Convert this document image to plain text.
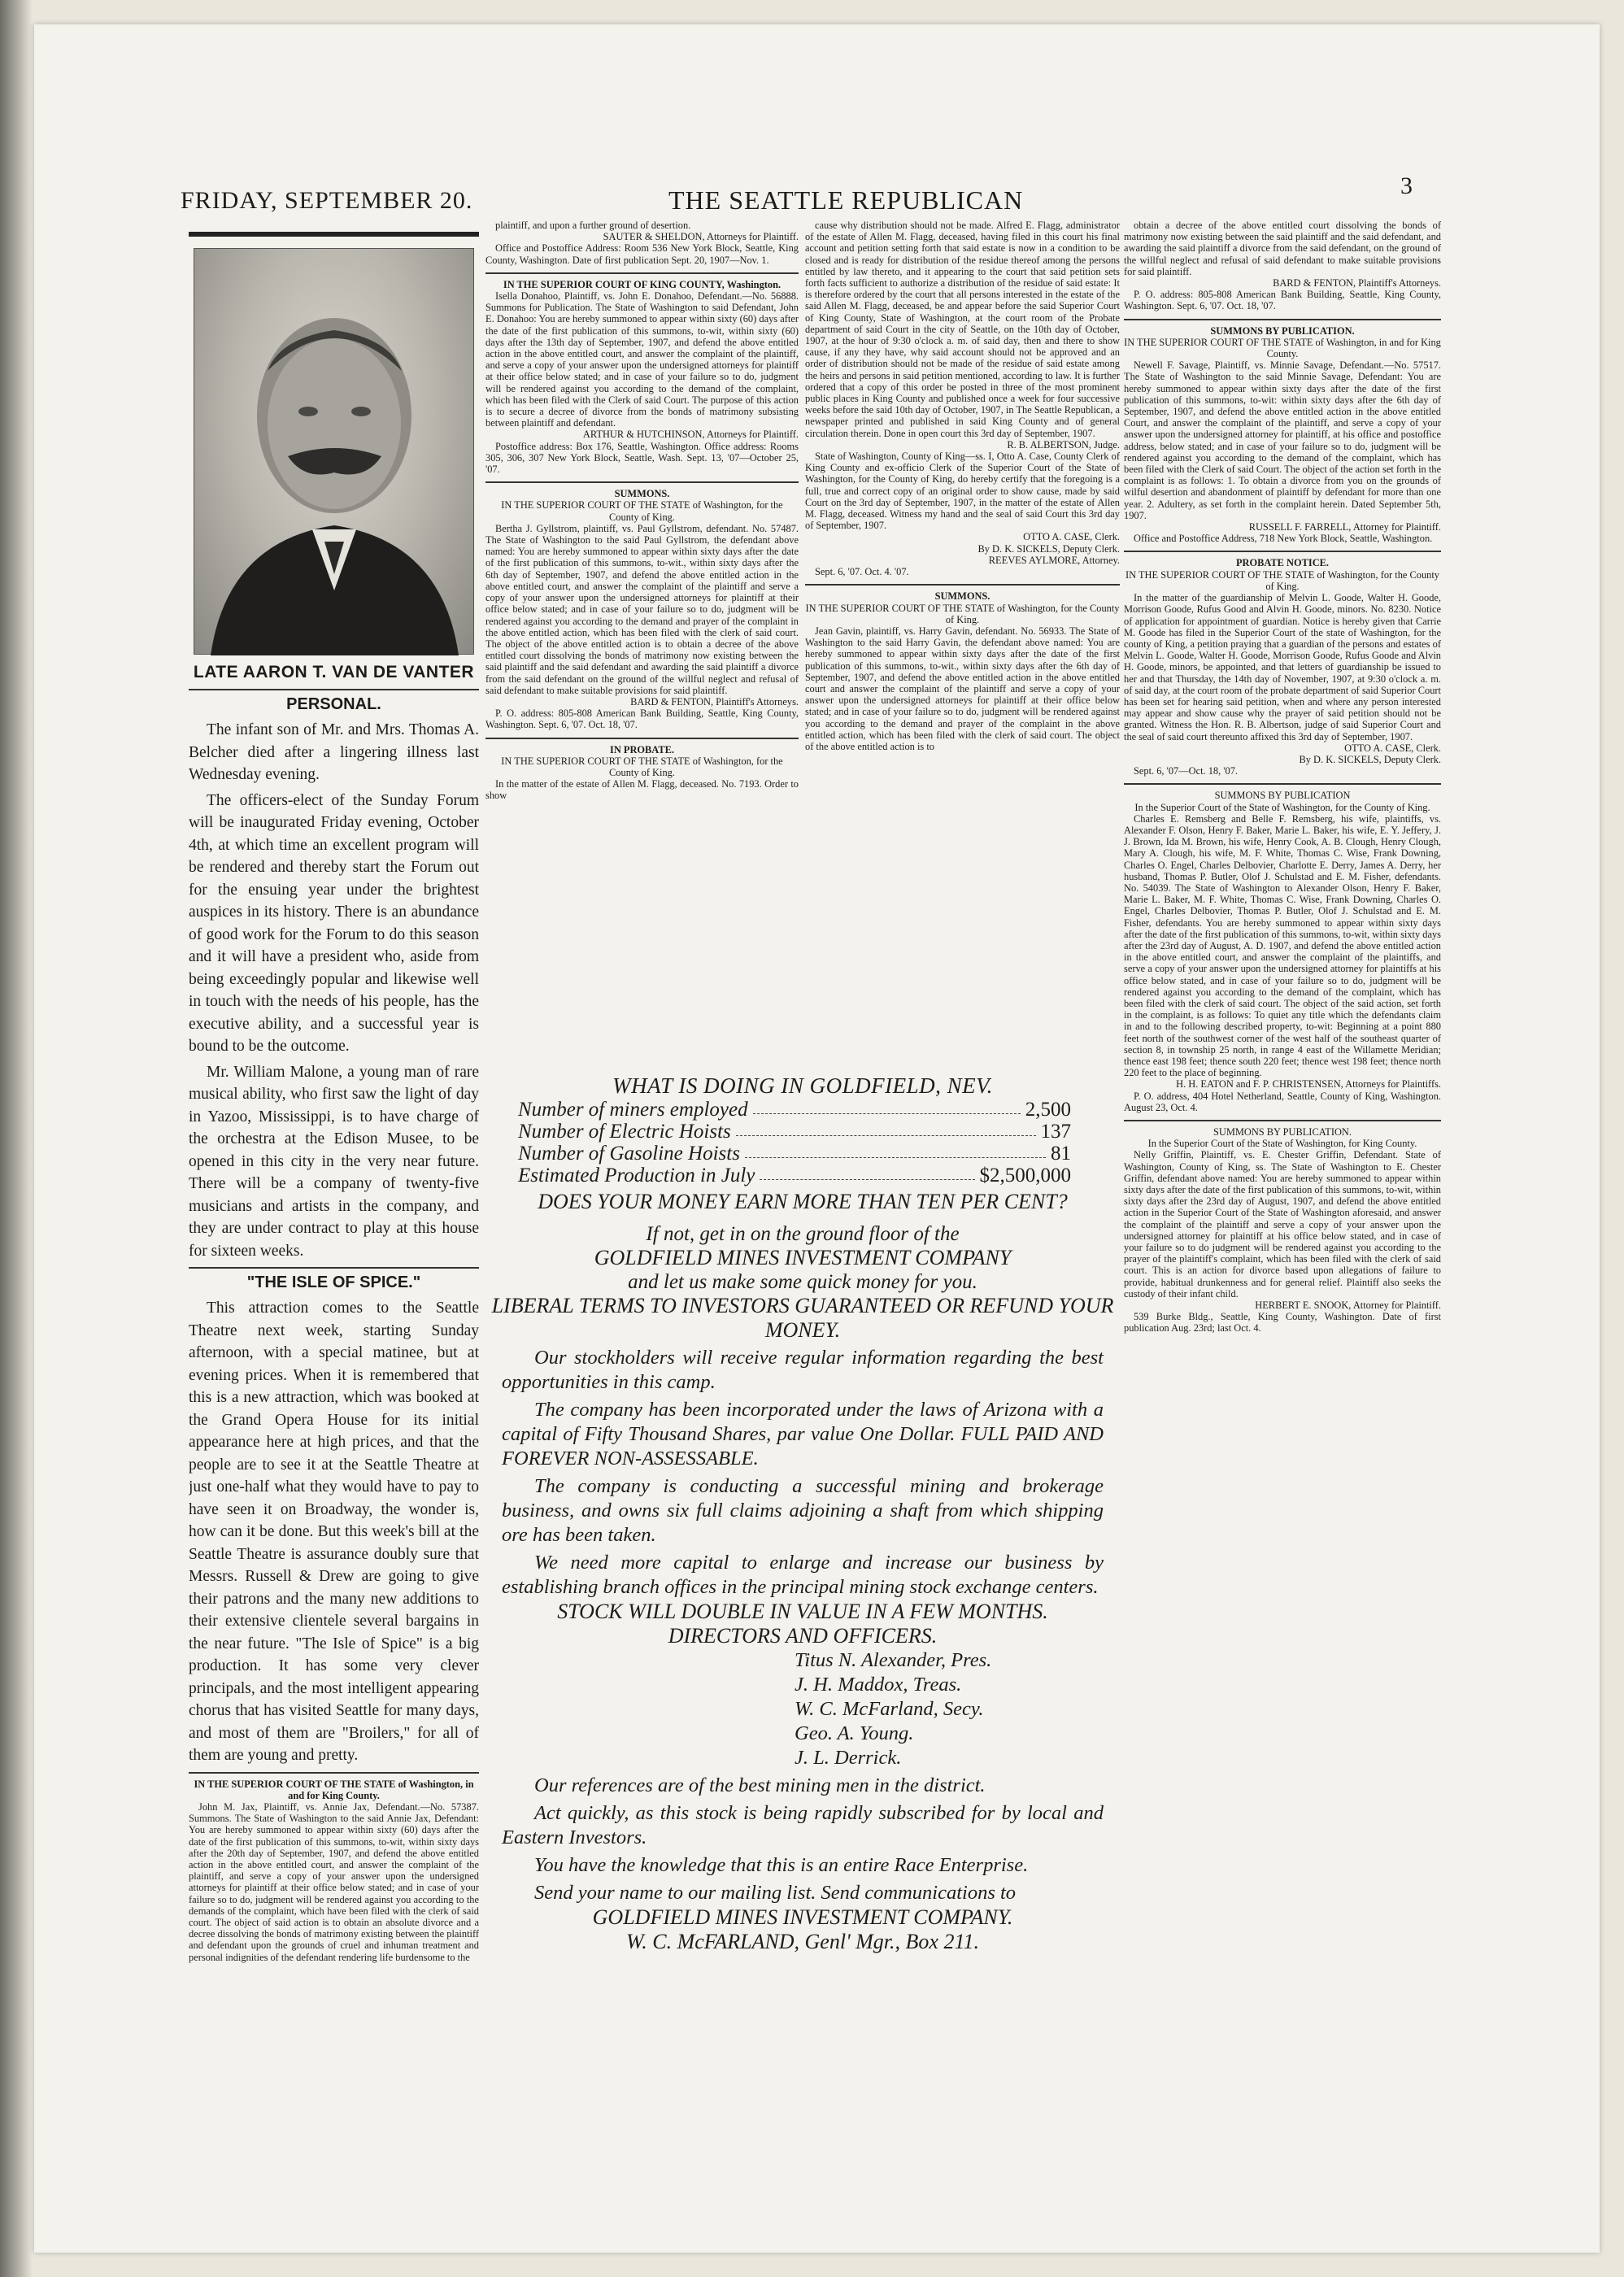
FRIDAY, SEPTEMBER 20.	THE SEATTLE REPUBLICAN	3
LATE AARON T. VAN DE VANTER
PERSONAL.

The infant son of Mr. and Mrs. Thomas A. Belcher died after a lingering illness last Wednesday evening.

The officers-elect of the Sunday Forum will be inaugurated Friday evening, October 4th, at which time an excellent program will be rendered and thereby start the Forum out for the ensuing year under the brightest auspices in its history. There is an abundance of good work for the Forum to do this season and it will have a president who, aside from being exceedingly popular and likewise well in touch with the needs of his people, has the executive ability, and a successful year is bound to be the outcome.

Mr. William Malone, a young man of rare musical ability, who first saw the light of day in Yazoo, Mississippi, is to have charge of the orchestra at the Edison Musee, to be opened in this city in the very near future. There will be a company of twenty-five musicians and artists in the company, and they are under contract to play at this house for sixteen weeks.

"THE ISLE OF SPICE."

This attraction comes to the Seattle Theatre next week, starting Sunday afternoon, with a special matinee, but at evening prices. When it is remembered that this is a new attraction, which was booked at the Grand Opera House for its initial appearance here at high prices, and that the people are to see it at the Seattle Theatre at just one-half what they would have to pay to have seen it on Broadway, the wonder is, how can it be done. But this week's bill at the Seattle Theatre is assurance doubly sure that Messrs. Russell & Drew are going to give their patrons and the many new additions to their extensive clientele several bargains in the near future. "The Isle of Spice" is a big production. It has some very clever principals, and the most intelligent appearing chorus that has visited Seattle for many days, and most of them are "Broilers," for all of them are young and pretty.

IN THE SUPERIOR COURT OF THE STATE of Washington, in and for King County.

John M. Jax, Plaintiff, vs. Annie Jax, Defendant.—No. 57387. Summons. The State of Washington to the said Annie Jax, Defendant: You are hereby summoned to appear within sixty (60) days after the date of the first publication of this summons, to-wit, within sixty days after the 20th day of September, 1907, and defend the above entitled action in the above entitled court, and answer the complaint of the plaintiff, and serve a copy of your answer upon the undersigned attorneys for plaintiff at their office below stated; and in case of your failure so to do, judgment will be rendered against you according to the demands of the complaint, which have been filed with the clerk of said court. The object of said action is to obtain an absolute divorce and a decree dissolving the bonds of matrimony existing between the plaintiff and defendant upon the grounds of cruel and inhuman treatment and personal indignities of the defendant rendering life burdensome to the

plaintiff, and upon a further ground of desertion.

SAUTER & SHELDON, Attorneys for Plaintiff.

Office and Postoffice Address: Room 536 New York Block, Seattle, King County, Washington. Date of first publication Sept. 20, 1907—Nov. 1.

IN THE SUPERIOR COURT OF KING COUNTY, Washington.

Isella Donahoo, Plaintiff, vs. John E. Donahoo, Defendant.—No. 56888. Summons for Publication. The State of Washington to said Defendant, John E. Donahoo: You are hereby summoned to appear within sixty (60) days after the date of the first publication of this summons, to-wit, within sixty (60) days after the 13th day of September, 1907, and defend the above entitled action in the above entitled court, and answer the complaint of the plaintiff, and serve a copy of your answer upon the undersigned attorneys for plaintiff at their office below stated; and in case of your failure so to do, judgment will be rendered against you according to the demand of the complaint, which has been filed with the Clerk of said Court. The purpose of this action is to secure a decree of divorce from the bonds of matrimony subsisting between plaintiff and defendant.

ARTHUR & HUTCHINSON, Attorneys for Plaintiff.

Postoffice address: Box 176, Seattle, Washington. Office address: Rooms 305, 306, 307 New York Block, Seattle, Wash. Sept. 13, '07—October 25, '07.

SUMMONS.
IN THE SUPERIOR COURT OF THE STATE of Washington, for the County of King.

Bertha J. Gyllstrom, plaintiff, vs. Paul Gyllstrom, defendant. No. 57487. The State of Washington to the said Paul Gyllstrom, the defendant above named: You are hereby summoned to appear within sixty days after the date of the first publication of this summons, to-wit., within sixty days after the 6th day of September, 1907, and defend the above entitled action in the above entitled court, and answer the complaint of the plaintiff and serve a copy of your answer upon the undersigned attorneys for plaintiff at their office below stated; and in case of your failure so to do, judgment will be rendered against you according to the demand and prayer of the complaint in the above entitled action, which has been filed with the clerk of said court. The object of the above entitled action is to obtain a decree of the above entitled court dissolving the bonds of matrimony now existing between the said plaintiff and the said defendant and awarding the said plaintiff a divorce from the said defendant on the ground of the willful neglect and refusal of said defendant to make suitable provisions for said plaintiff.

BARD & FENTON, Plaintiff's Attorneys.

P. O. address: 805-808 American Bank Building, Seattle, King County, Washington. Sept. 6, '07. Oct. 18, '07.

IN PROBATE.
IN THE SUPERIOR COURT OF THE STATE of Washington, for the County of King.

In the matter of the estate of Allen M. Flagg, deceased. No. 7193. Order to show

cause why distribution should not be made. Alfred E. Flagg, administrator of the estate of Allen M. Flagg, deceased, having filed in this court his final account and petition setting forth that said estate is now in a condition to be closed and is ready for distribution of the residue thereof among the persons entitled by law thereto, and it appearing to the court that said petition sets forth facts sufficient to authorize a distribution of the residue of said estate: It is therefore ordered by the court that all persons interested in the estate of the said Allen M. Flagg, deceased, be and appear before the said Superior Court of King County, State of Washington, at the court room of the Probate department of said Court in the city of Seattle, on the 10th day of October, 1907, at the hour of 9:30 o'clock a. m. of said day, then and there to show cause, if any they have, why said account should not be approved and an order of distribution should not be made of the residue of said estate among the heirs and persons in said petition mentioned, according to law. It is further ordered that a copy of this order be posted in three of the most prominent public places in King County and published once a week for four successive weeks before the said 10th day of October, 1907, in The Seattle Republican, a newspaper printed and published in said King County and of general circulation therein. Done in open court this 3rd day of September, 1907.

R. B. ALBERTSON, Judge.

State of Washington, County of King—ss. I, Otto A. Case, County Clerk of King County and ex-officio Clerk of the Superior Court of the State of Washington, for the County of King, do hereby certify that the foregoing is a full, true and correct copy of an original order to show cause, made by said Court on the 3rd day of September, 1907, in the matter of the estate of Allen M. Flagg, deceased. Witness my hand and the seal of said Court this 3rd day of September, 1907.

OTTO A. CASE, Clerk.
By D. K. SICKELS, Deputy Clerk.
REEVES AYLMORE, Attorney.

Sept. 6, '07. Oct. 4. '07.

SUMMONS.
IN THE SUPERIOR COURT OF THE STATE of Washington, for the County of King.

Jean Gavin, plaintiff, vs. Harry Gavin, defendant. No. 56933. The State of Washington to the said Harry Gavin, the defendant above named: You are hereby summoned to appear within sixty days after the date of the first publication of this summons, to-wit., within sixty days after the 6th day of September, 1907, and defend the above entitled action in the above entitled court and answer the complaint of the plaintiff and serve a copy of your answer upon the undersigned attorneys for plaintiff at their office below stated; and in case of your failure so to do, judgment will be rendered against you according to the demand and prayer of the complaint in the above entitled action, which has been filed with the clerk of said court. The object of the above entitled action is to

obtain a decree of the above entitled court dissolving the bonds of matrimony now existing between the said plaintiff and the said defendant, and awarding the said plaintiff a divorce from the said defendant, on the ground of the willful neglect and refusal of said defendant to make suitable provisions for said plaintiff.

BARD & FENTON, Plaintiff's Attorneys.

P. O. address: 805-808 American Bank Building, Seattle, King County, Washington. Sept. 6, '07. Oct. 18, '07.

SUMMONS BY PUBLICATION.
IN THE SUPERIOR COURT OF THE STATE of Washington, in and for King County.

Newell F. Savage, Plaintiff, vs. Minnie Savage, Defendant.—No. 57517. The State of Washington to the said Minnie Savage, Defendant: You are hereby summoned to appear within sixty days after the date of the first publication of this summons, to-wit: within sixty days after the 6th day of September, 1907, and defend the above entitled action in the above entitled Court, and answer the complaint of the plaintiff, and serve a copy of your answer upon the undersigned attorney for plaintiff, at his office and postoffice address, below stated; and in case of your failure so to do, judgment will be rendered against you according to the demand of the complaint, which has been filed with the Clerk of said Court. The object of the action set forth in the complaint is as follows: 1. To obtain a divorce from you on the grounds of wilful desertion and abandonment of plaintiff by defendant for more than one year. 2. Adultery, as set forth in the complaint herein. Dated September 5th, 1907.

RUSSELL F. FARRELL, Attorney for Plaintiff.

Office and Postoffice Address, 718 New York Block, Seattle, Washington.

PROBATE NOTICE.
IN THE SUPERIOR COURT OF THE STATE of Washington, for the County of King.

In the matter of the guardianship of Melvin L. Goode, Walter H. Goode, Morrison Goode, Rufus Good and Alvin H. Goode, minors. No. 8230. Notice of application for appointment of guardian. Notice is hereby given that Carrie M. Goode has filed in the Superior Court of the state of Washington, for the county of King, a petition praying that a guardian of the persons and estates of Melvin L. Goode, Walter H. Goode, Morrison Goode, Rufus Goode and Alvin H. Goode, minors, be appointed, and that letters of guardianship be issued to her and that Thursday, the 14th day of November, 1907, at 9:30 o'clock a. m. of said day, at the court room of the probate department of said Superior Court has been set for hearing said petition, when and where any person interested may appear and show cause why the prayer of said petition should not be granted. Witness the Hon. R. B. Albertson, judge of said Superior Court and the seal of said court thereunto affixed this 3rd day of September, 1907.

OTTO A. CASE, Clerk.
By D. K. SICKELS, Deputy Clerk.

Sept. 6, '07—Oct. 18, '07.

SUMMONS BY PUBLICATION
In the Superior Court of the State of Washington, for the County of King.

Charles E. Remsberg and Belle F. Remsberg, his wife, plaintiffs, vs. Alexander F. Olson, Henry F. Baker, Marie L. Baker, his wife, E. Y. Jeffery, J. J. Brown, Ida M. Brown, his wife, Henry Cook, A. B. Clough, Henry Clough, Mary A. Clough, his wife, M. F. White, Thomas C. Wise, Frank Downing, Charles O. Engel, Charles Delbovier, Charlotte E. Derry, James A. Derry, her husband, Thomas P. Butler, Olof J. Schulstad and E. M. Fisher, defendants. No. 54039. The State of Washington to Alexander Olson, Henry F. Baker, Marie L. Baker, M. F. White, Thomas C. Wise, Frank Downing, Charles O. Engel, Charles Delbovier, Thomas P. Butler, Olof J. Schulstad and E. M. Fisher, defendants. You are hereby summoned to appear within sixty days after the date of the first publication of this summons, to-wit, within sixty days after the 23rd day of August, A. D. 1907, and defend the above entitled action in the above entitled court, and answer the complaint of the plaintiffs, and serve a copy of your answer upon the undersigned attorney for plaintiffs at his office below stated, and in case of your failure so to do, judgment will be rendered against you according to the demand of the complaint, which has been filed with the clerk of said court. The object of the said action, set forth in the complaint, is as follows: To quiet any title which the defendants claim in and to the following described property, to-wit: Beginning at a point 880 feet north of the southwest corner of the west half of the southeast quarter of section 8, in township 25 north, in range 4 east of the Willamette Meridian; thence east 198 feet; thence south 220 feet; thence west 198 feet; thence north 220 feet to the place of beginning.

H. H. EATON and F. P. CHRISTENSEN, Attorneys for Plaintiffs.

P. O. address, 404 Hotel Netherland, Seattle, County of King, Washington. August 23, Oct. 4.

SUMMONS BY PUBLICATION.
In the Superior Court of the State of Washington, for King County.

Nelly Griffin, Plaintiff, vs. E. Chester Griffin, Defendant. State of Washington, County of King, ss. The State of Washington to E. Chester Griffin, defendant above named: You are hereby summoned to appear within sixty days after the date of the first publication of this summons, to-wit, within sixty days after the 23rd day of August, 1907, and defend the above entitled action in the Superior Court of the State of Washington aforesaid, and answer the complaint of the plaintiff and serve a copy of your answer upon the undersigned attorney for plaintiff at his office below stated, and in case of your failure so to do judgment will be rendered against you according to the prayer of the plaintiff's complaint, which has been filed with the clerk of said court. This is an action for divorce based upon allegations of failure to provide, habitual drunkenness and for general relief. Plaintiff also seeks the custody of their infant child.

HERBERT E. SNOOK, Attorney for Plaintiff.

539 Burke Bldg., Seattle, King County, Washington. Date of first publication Aug. 23rd; last Oct. 4.

WHAT IS DOING IN GOLDFIELD, NEV.
Number of miners employed	2,500
Number of Electric Hoists	137
Number of Gasoline Hoists	81
Estimated Production in July	$2,500,000
DOES YOUR MONEY EARN MORE THAN TEN PER CENT?
If not, get in on the ground floor of the
GOLDFIELD MINES INVESTMENT COMPANY
and let us make some quick money for you.
LIBERAL TERMS TO INVESTORS GUARANTEED OR REFUND YOUR MONEY.

Our stockholders will receive regular information regarding the best opportunities in this camp.

The company has been incorporated under the laws of Arizona with a capital of Fifty Thousand Shares, par value One Dollar. FULL PAID AND FOREVER NON-ASSESSABLE.

The company is conducting a successful mining and brokerage business, and owns six full claims adjoining a shaft from which shipping ore has been taken.

We need more capital to enlarge and increase our business by establishing branch offices in the principal mining stock exchange centers.

STOCK WILL DOUBLE IN VALUE IN A FEW MONTHS.
DIRECTORS AND OFFICERS.
Titus N. Alexander, Pres.
J. H. Maddox, Treas.
W. C. McFarland, Secy.
Geo. A. Young.
J. L. Derrick.

Our references are of the best mining men in the district.

Act quickly, as this stock is being rapidly subscribed for by local and Eastern Investors.

You have the knowledge that this is an entire Race Enterprise.

Send your name to our mailing list. Send communications to

GOLDFIELD MINES INVESTMENT COMPANY.
W. C. McFARLAND, Genl' Mgr., Box 211.
